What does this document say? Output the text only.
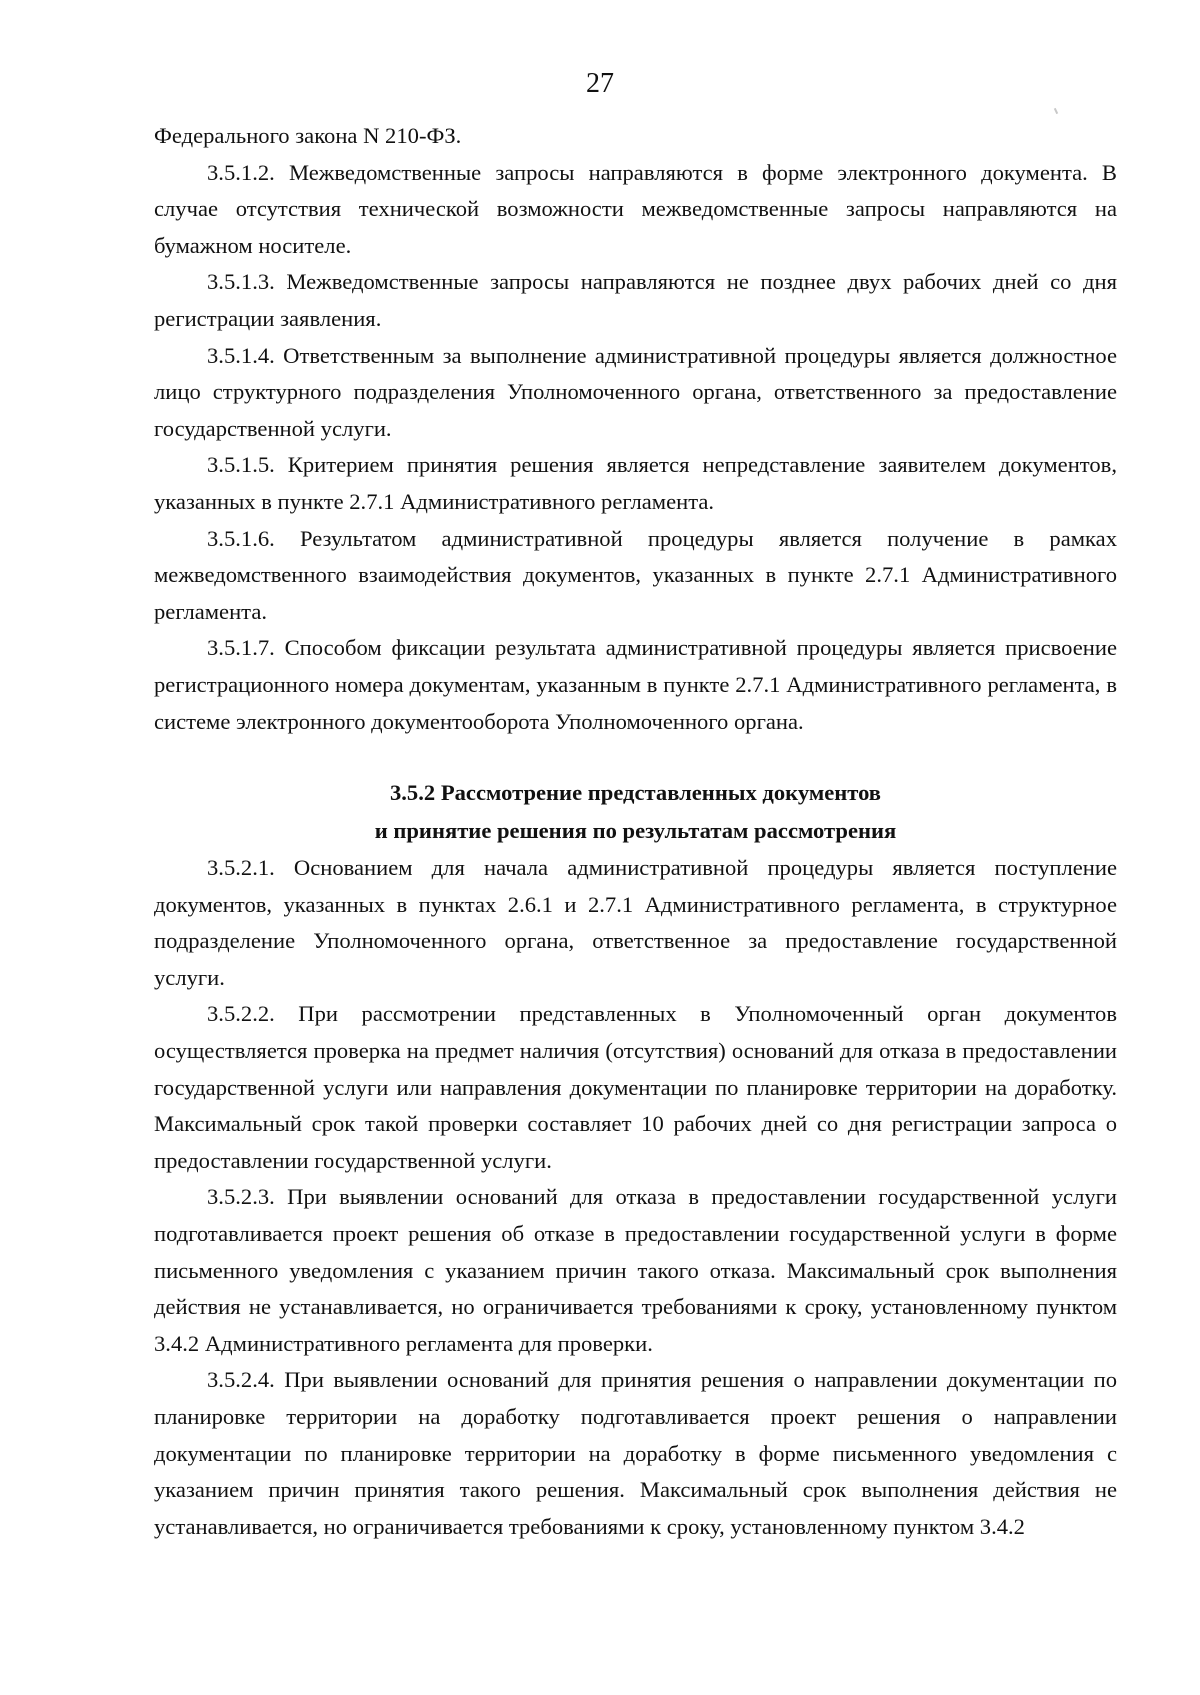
27

Федерального закона N 210-ФЗ.

3.5.1.2. Межведомственные запросы направляются в форме электронного документа. В случае отсутствия технической возможности межведомственные запросы направляются на бумажном носителе.

3.5.1.3. Межведомственные запросы направляются не позднее двух рабочих дней со дня регистрации заявления.

3.5.1.4. Ответственным за выполнение административной процедуры является должностное лицо структурного подразделения Уполномоченного органа, ответственного за предоставление государственной услуги.

3.5.1.5. Критерием принятия решения является непредставление заявителем документов, указанных в пункте 2.7.1 Административного регламента.

3.5.1.6. Результатом административной процедуры является получение в рамках межведомственного взаимодействия документов, указанных в пункте 2.7.1 Административного регламента.

3.5.1.7. Способом фиксации результата административной процедуры является присвоение регистрационного номера документам, указанным в пункте 2.7.1 Административного регламента, в системе электронного документооборота Уполномоченного органа.

3.5.2 Рассмотрение представленных документов
и принятие решения по результатам рассмотрения

3.5.2.1. Основанием для начала административной процедуры является поступление документов, указанных в пунктах 2.6.1 и 2.7.1 Административного регламента, в структурное подразделение Уполномоченного органа, ответственное за предоставление государственной услуги.

3.5.2.2. При рассмотрении представленных в Уполномоченный орган документов осуществляется проверка на предмет наличия (отсутствия) оснований для отказа в предоставлении государственной услуги или направления документации по планировке территории на доработку. Максимальный срок такой проверки составляет 10 рабочих дней со дня регистрации запроса о предоставлении государственной услуги.

3.5.2.3. При выявлении оснований для отказа в предоставлении государственной услуги подготавливается проект решения об отказе в предоставлении государственной услуги в форме письменного уведомления с указанием причин такого отказа. Максимальный срок выполнения действия не устанавливается, но ограничивается требованиями к сроку, установленному пунктом 3.4.2 Административного регламента для проверки.

3.5.2.4. При выявлении оснований для принятия решения о направлении документации по планировке территории на доработку подготавливается проект решения о направлении документации по планировке территории на доработку в форме письменного уведомления с указанием причин принятия такого решения. Максимальный срок выполнения действия не устанавливается, но ограничивается требованиями к сроку, установленному пунктом 3.4.2
